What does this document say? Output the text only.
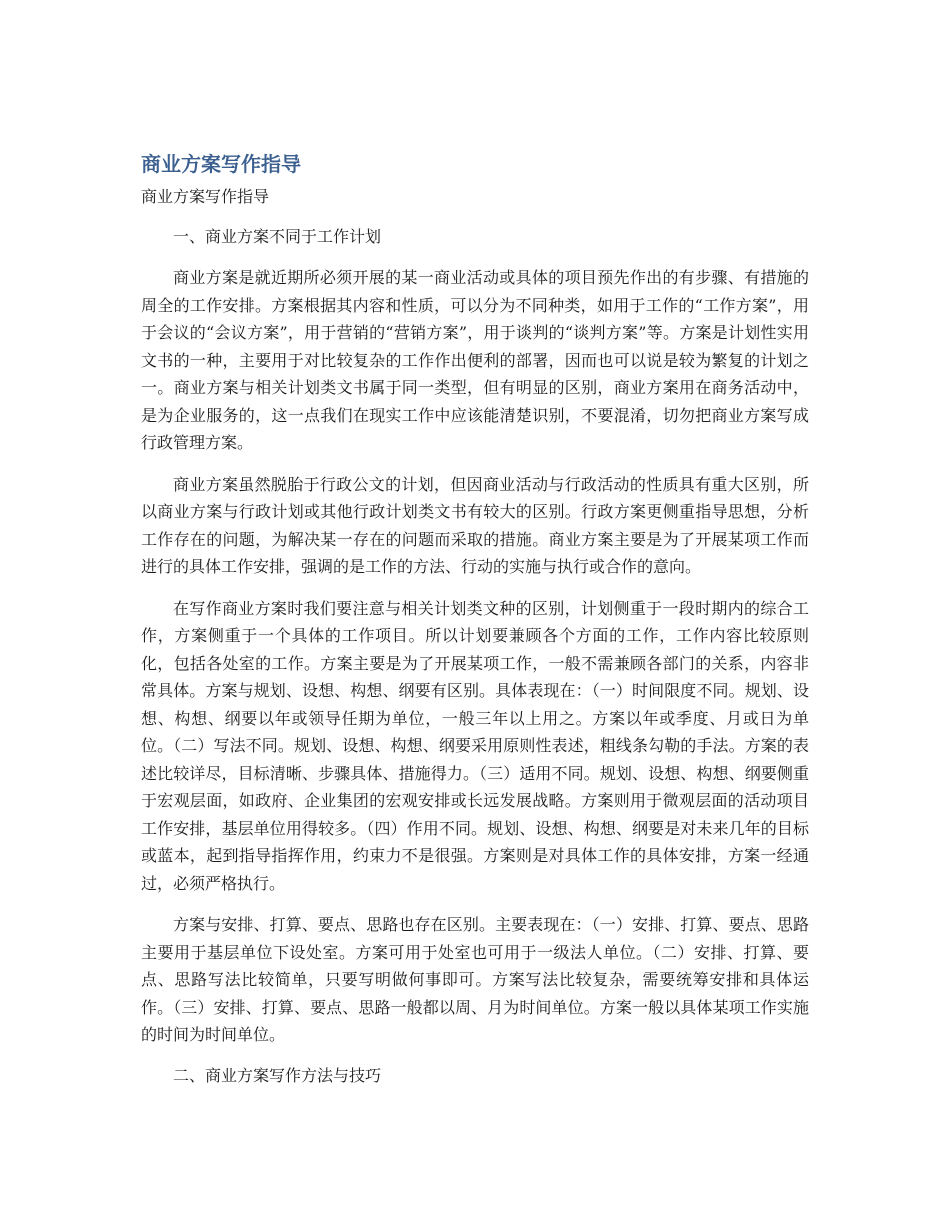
商业方案写作指导

商业方案写作指导

一、商业方案不同于工作计划

商业方案是就近期所必须开展的某一商业活动或具体的项目预先作出的有步骤、有措施的周全的工作安排。方案根据其内容和性质，可以分为不同种类，如用于工作的“工作方案”，用于会议的“会议方案”，用于营销的“营销方案”，用于谈判的“谈判方案”等。方案是计划性实用文书的一种，主要用于对比较复杂的工作作出便利的部署，因而也可以说是较为繁复的计划之一。商业方案与相关计划类文书属于同一类型，但有明显的区别，商业方案用在商务活动中，是为企业服务的，这一点我们在现实工作中应该能清楚识别，不要混淆，切勿把商业方案写成行政管理方案。

商业方案虽然脱胎于行政公文的计划，但因商业活动与行政活动的性质具有重大区别，所以商业方案与行政计划或其他行政计划类文书有较大的区别。行政方案更侧重指导思想，分析工作存在的问题，为解决某一存在的问题而采取的措施。商业方案主要是为了开展某项工作而进行的具体工作安排，强调的是工作的方法、行动的实施与执行或合作的意向。

在写作商业方案时我们要注意与相关计划类文种的区别，计划侧重于一段时期内的综合工作，方案侧重于一个具体的工作项目。所以计划要兼顾各个方面的工作，工作内容比较原则化，包括各处室的工作。方案主要是为了开展某项工作，一般不需兼顾各部门的关系，内容非常具体。方案与规划、设想、构想、纲要有区别。具体表现在：（一）时间限度不同。规划、设想、构想、纲要以年或领导任期为单位，一般三年以上用之。方案以年或季度、月或日为单位。（二）写法不同。规划、设想、构想、纲要采用原则性表述，粗线条勾勒的手法。方案的表述比较详尽，目标清晰、步骤具体、措施得力。（三）适用不同。规划、设想、构想、纲要侧重于宏观层面，如政府、企业集团的宏观安排或长远发展战略。方案则用于微观层面的活动项目工作安排，基层单位用得较多。（四）作用不同。规划、设想、构想、纲要是对未来几年的目标或蓝本，起到指导指挥作用，约束力不是很强。方案则是对具体工作的具体安排，方案一经通过，必须严格执行。

方案与安排、打算、要点、思路也存在区别。主要表现在：（一）安排、打算、要点、思路主要用于基层单位下设处室。方案可用于处室也可用于一级法人单位。（二）安排、打算、要点、思路写法比较简单，只要写明做何事即可。方案写法比较复杂，需要统筹安排和具体运作。（三）安排、打算、要点、思路一般都以周、月为时间单位。方案一般以具体某项工作实施的时间为时间单位。

二、商业方案写作方法与技巧
